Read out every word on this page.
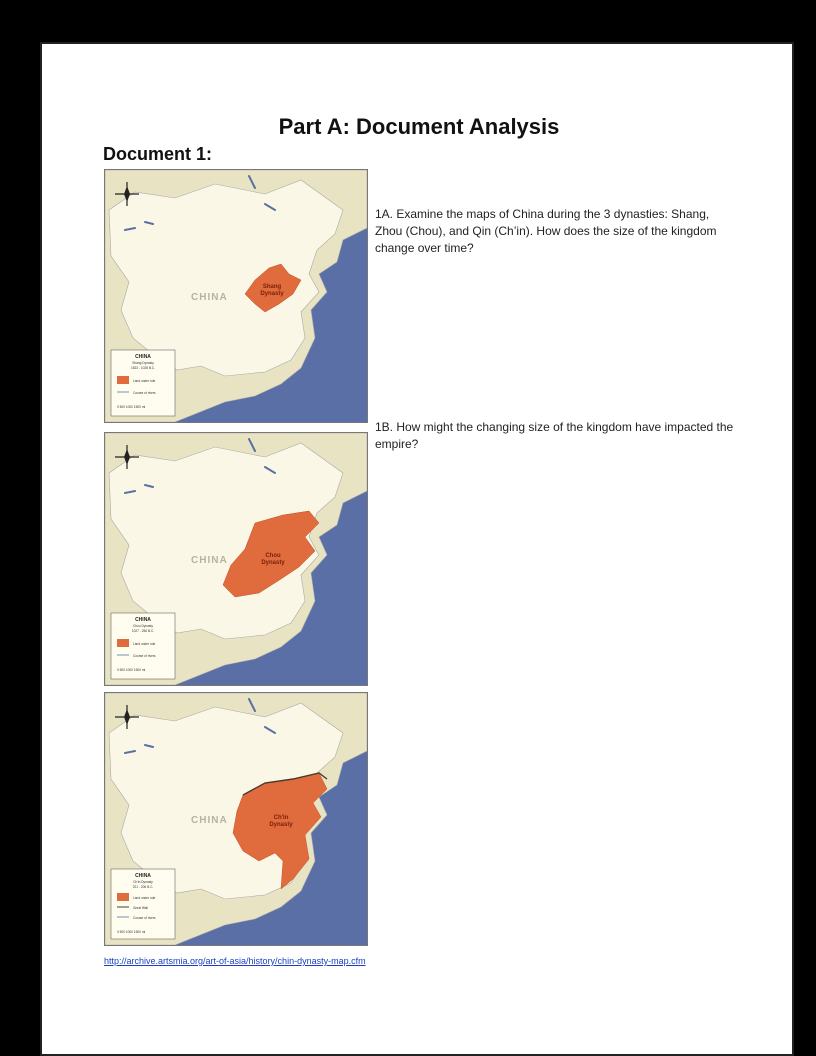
Part A: Document Analysis
Document 1:
CHINA
Shang
Dynasty
CHINA
Shang Dynasty
1523 - 1028 B.C.
Land under rule
Course of rivers
0 500 1000 1500 mi
CHINA	Chou
Dynasty
CHINA
Chou Dynasty
1027 - 256 B.C.
Land under rule
Course of rivers
0 500 1000 1500 mi
CHINA	Ch'in
Dynasty
CHINA
Ch'in Dynasty
221 - 206 B.C.
Land under rule
Great Wall
Course of rivers
0 500 1000 1500 mi
1A. Examine the maps of China during the 3 dynasties: Shang, Zhou (Chou), and Qin (Ch’in). How does the size of the kingdom change over time?
1B. How might the changing size of the kingdom have impacted the empire?
http://archive.artsmia.org/art-of-asia/history/chin-dynasty-map.cfm
